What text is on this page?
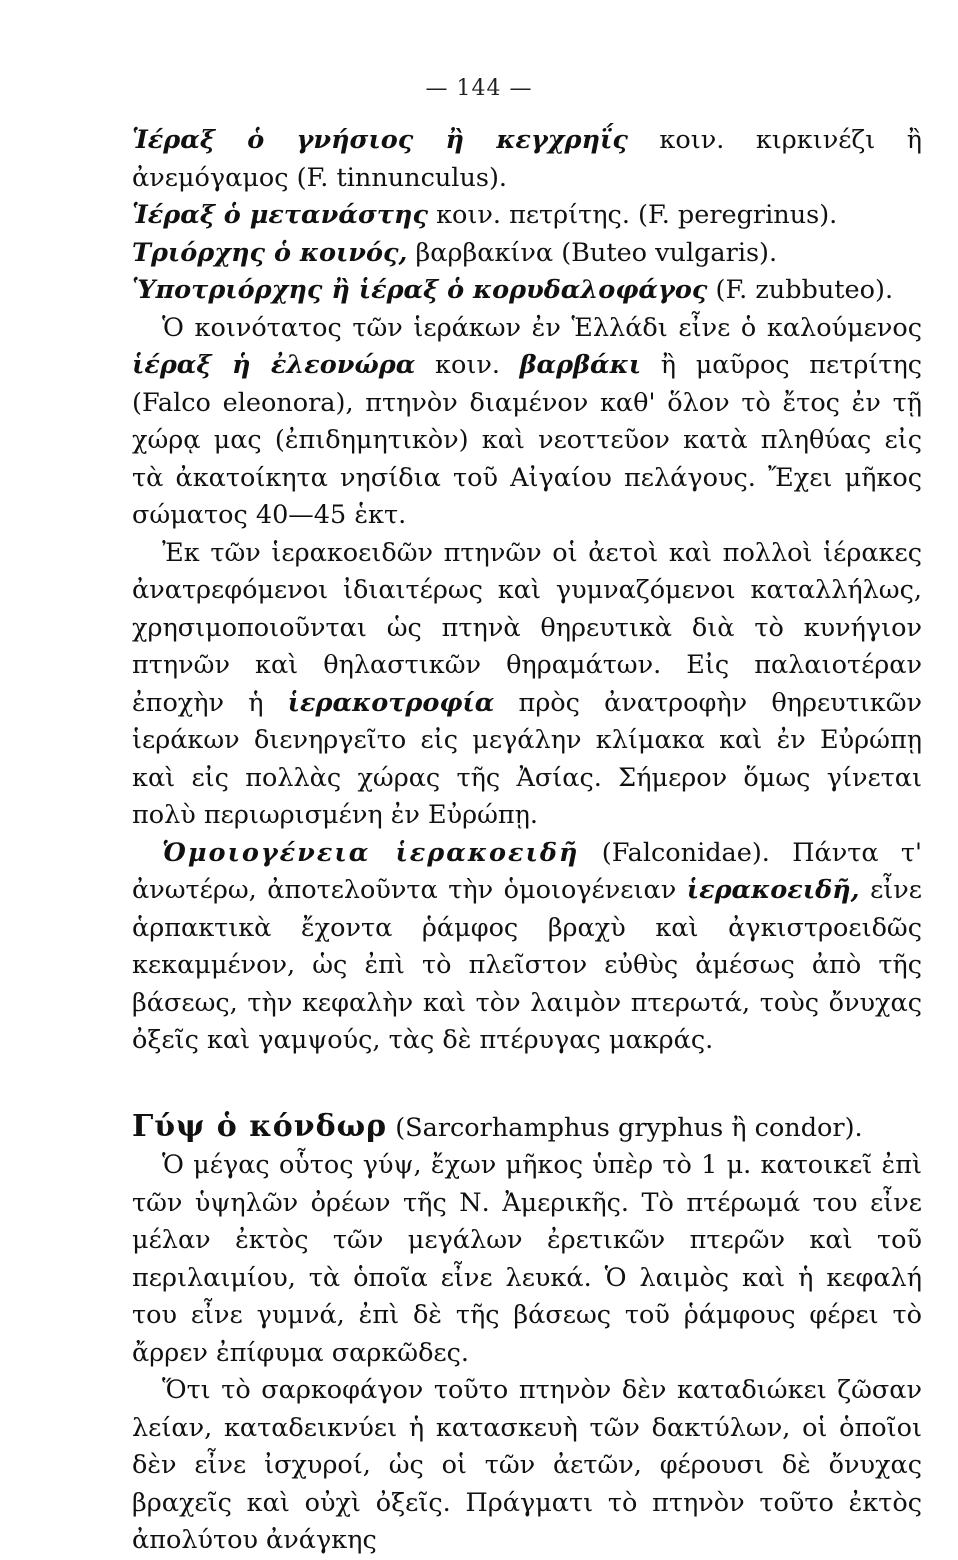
— 144 —

Ἱέραξ ὁ γνήσιος ἢ κεγχρηΐς κοιν. κιρκινέζι ἢ ἀνεμόγαμος (F. tinnunculus).

Ἱέραξ ὁ μετανάστης κοιν. πετρίτης. (F. peregrinus).

Τριόρχης ὁ κοινός, βαρβακίνα (Buteo vulgaris).

Ὑποτριόρχης ἢ ἱέραξ ὁ κορυδαλοφάγος (F. zubbuteo).

Ὁ κοινότατος τῶν ἱεράκων ἐν Ἑλλάδι εἶνε ὁ καλούμενος ἱέραξ ἡ ἐλεονώρα κοιν. βαρβάκι ἢ μαῦρος πετρίτης (Falco eleonora), πτηνὸν διαμένον καθ' ὅλον τὸ ἔτος ἐν τῇ χώρᾳ μας (ἐπιδημητικὸν) καὶ νεοττεῦον κατὰ πληθύας εἰς τὰ ἀκατοίκητα νησίδια τοῦ Αἰγαίου πελάγους. Ἔχει μῆκος σώματος 40—45 ἑκτ.

Ἐκ τῶν ἱερακοειδῶν πτηνῶν οἱ ἀετοὶ καὶ πολλοὶ ἱέρακες ἀνατρεφόμενοι ἰδιαιτέρως καὶ γυμναζόμενοι καταλλήλως, χρησιμοποιοῦνται ὡς πτηνὰ θηρευτικὰ διὰ τὸ κυνήγιον πτηνῶν καὶ θηλαστικῶν θηραμάτων. Εἰς παλαιοτέραν ἐποχὴν ἡ ἱερακοτροφία πρὸς ἀνατροφὴν θηρευτικῶν ἱεράκων διενηργεῖτο εἰς μεγάλην κλίμακα καὶ ἐν Εὐρώπῃ καὶ εἰς πολλὰς χώρας τῆς Ἀσίας. Σήμερον ὅμως γίνεται πολὺ περιωρισμένη ἐν Εὐρώπῃ.

Ὁμοιογένεια ἱερακοειδῆ (Falconidae). Πάντα τ' ἀνωτέρω, ἀποτελοῦντα τὴν ὁμοιογένειαν ἱερακοειδῆ, εἶνε ἁρπακτικὰ ἔχοντα ῥάμφος βραχὺ καὶ ἀγκιστροειδῶς κεκαμμένον, ὡς ἐπὶ τὸ πλεῖστον εὐθὺς ἀμέσως ἀπὸ τῆς βάσεως, τὴν κεφαλὴν καὶ τὸν λαιμὸν πτερωτά, τοὺς ὄνυχας ὀξεῖς καὶ γαμψούς, τὰς δὲ πτέρυγας μακράς.

Γύψ ὁ κόνδωρ (Sarcorhamphus gryphus ἢ condor).

Ὁ μέγας οὗτος γύψ, ἔχων μῆκος ὑπὲρ τὸ 1 μ. κατοικεῖ ἐπὶ τῶν ὑψηλῶν ὀρέων τῆς Ν. Ἀμερικῆς. Τὸ πτέρωμά του εἶνε μέλαν ἐκτὸς τῶν μεγάλων ἐρετικῶν πτερῶν καὶ τοῦ περιλαιμίου, τὰ ὁποῖα εἶνε λευκά. Ὁ λαιμὸς καὶ ἡ κεφαλή του εἶνε γυμνά, ἐπὶ δὲ τῆς βάσεως τοῦ ῥάμφους φέρει τὸ ἄρρεν ἐπίφυμα σαρκῶδες.

Ὅτι τὸ σαρκοφάγον τοῦτο πτηνὸν δὲν καταδιώκει ζῶσαν λείαν, καταδεικνύει ἡ κατασκευὴ τῶν δακτύλων, οἱ ὁποῖοι δὲν εἶνε ἰσχυροί, ὡς οἱ τῶν ἀετῶν, φέρουσι δὲ ὄνυχας βραχεῖς καὶ οὐχὶ ὀξεῖς. Πράγματι τὸ πτηνὸν τοῦτο ἐκτὸς ἀπολύτου ἀνάγκης
